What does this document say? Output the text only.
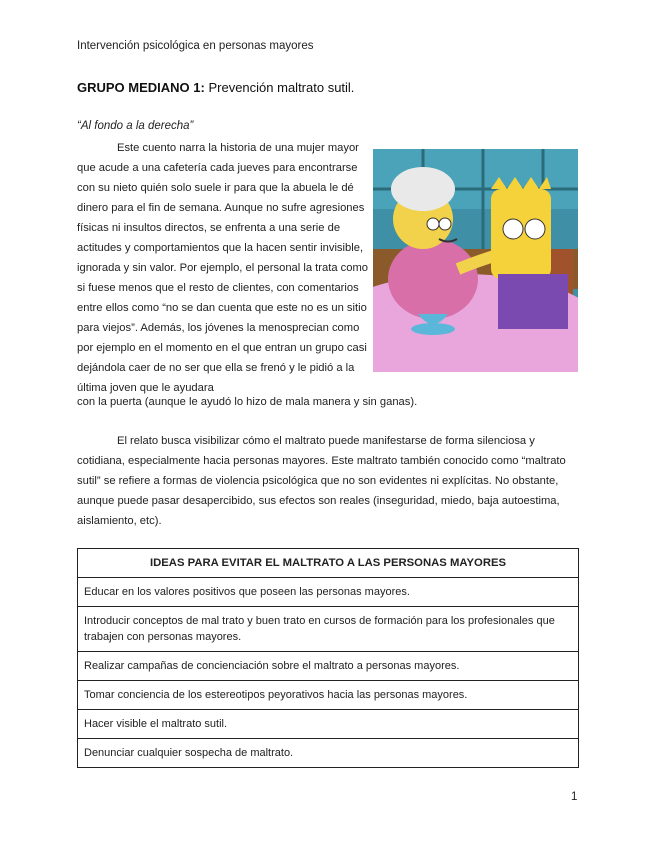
Intervención psicológica en personas mayores
GRUPO MEDIANO 1: Prevención maltrato sutil.
“Al fondo a la derecha”
Este cuento narra la historia de una mujer mayor que acude a una cafetería cada jueves para encontrarse con su nieto quién solo suele ir para que la abuela le dé dinero para el fin de semana. Aunque no sufre agresiones físicas ni insultos directos, se enfrenta a una serie de actitudes y comportamientos que la hacen sentir invisible, ignorada y sin valor. Por ejemplo, el personal la trata como si fuese menos que el resto de clientes, con comentarios entre ellos como “no se dan cuenta que este no es un sitio para viejos”. Además, los jóvenes la menosprecian como por ejemplo en el momento en el que entran un grupo casi dejándola caer de no ser que ella se frenó y le pidió a la última joven que le ayudara
con la puerta (aunque le ayudó lo hizo de mala manera y sin ganas).
El relato busca visibilizar cómo el maltrato puede manifestarse de forma silenciosa y cotidiana, especialmente hacia personas mayores. Este maltrato también conocido como “maltrato sutil” se refiere a formas de violencia psicológica que no son evidentes ni explícitas. No obstante, aunque puede pasar desapercibido, sus efectos son reales (inseguridad, miedo, baja autoestima, aislamiento, etc).
IDEAS PARA EVITAR EL MALTRATO A LAS PERSONAS MAYORES
Educar en los valores positivos que poseen las personas mayores.
Introducir conceptos de mal trato y buen trato en cursos de formación para los profesionales que trabajen con personas mayores.
Realizar campañas de concienciación sobre el maltrato a personas mayores.
Tomar conciencia de los estereotipos peyorativos hacia las personas mayores.
Hacer visible el maltrato sutil.
Denunciar cualquier sospecha de maltrato.
1
